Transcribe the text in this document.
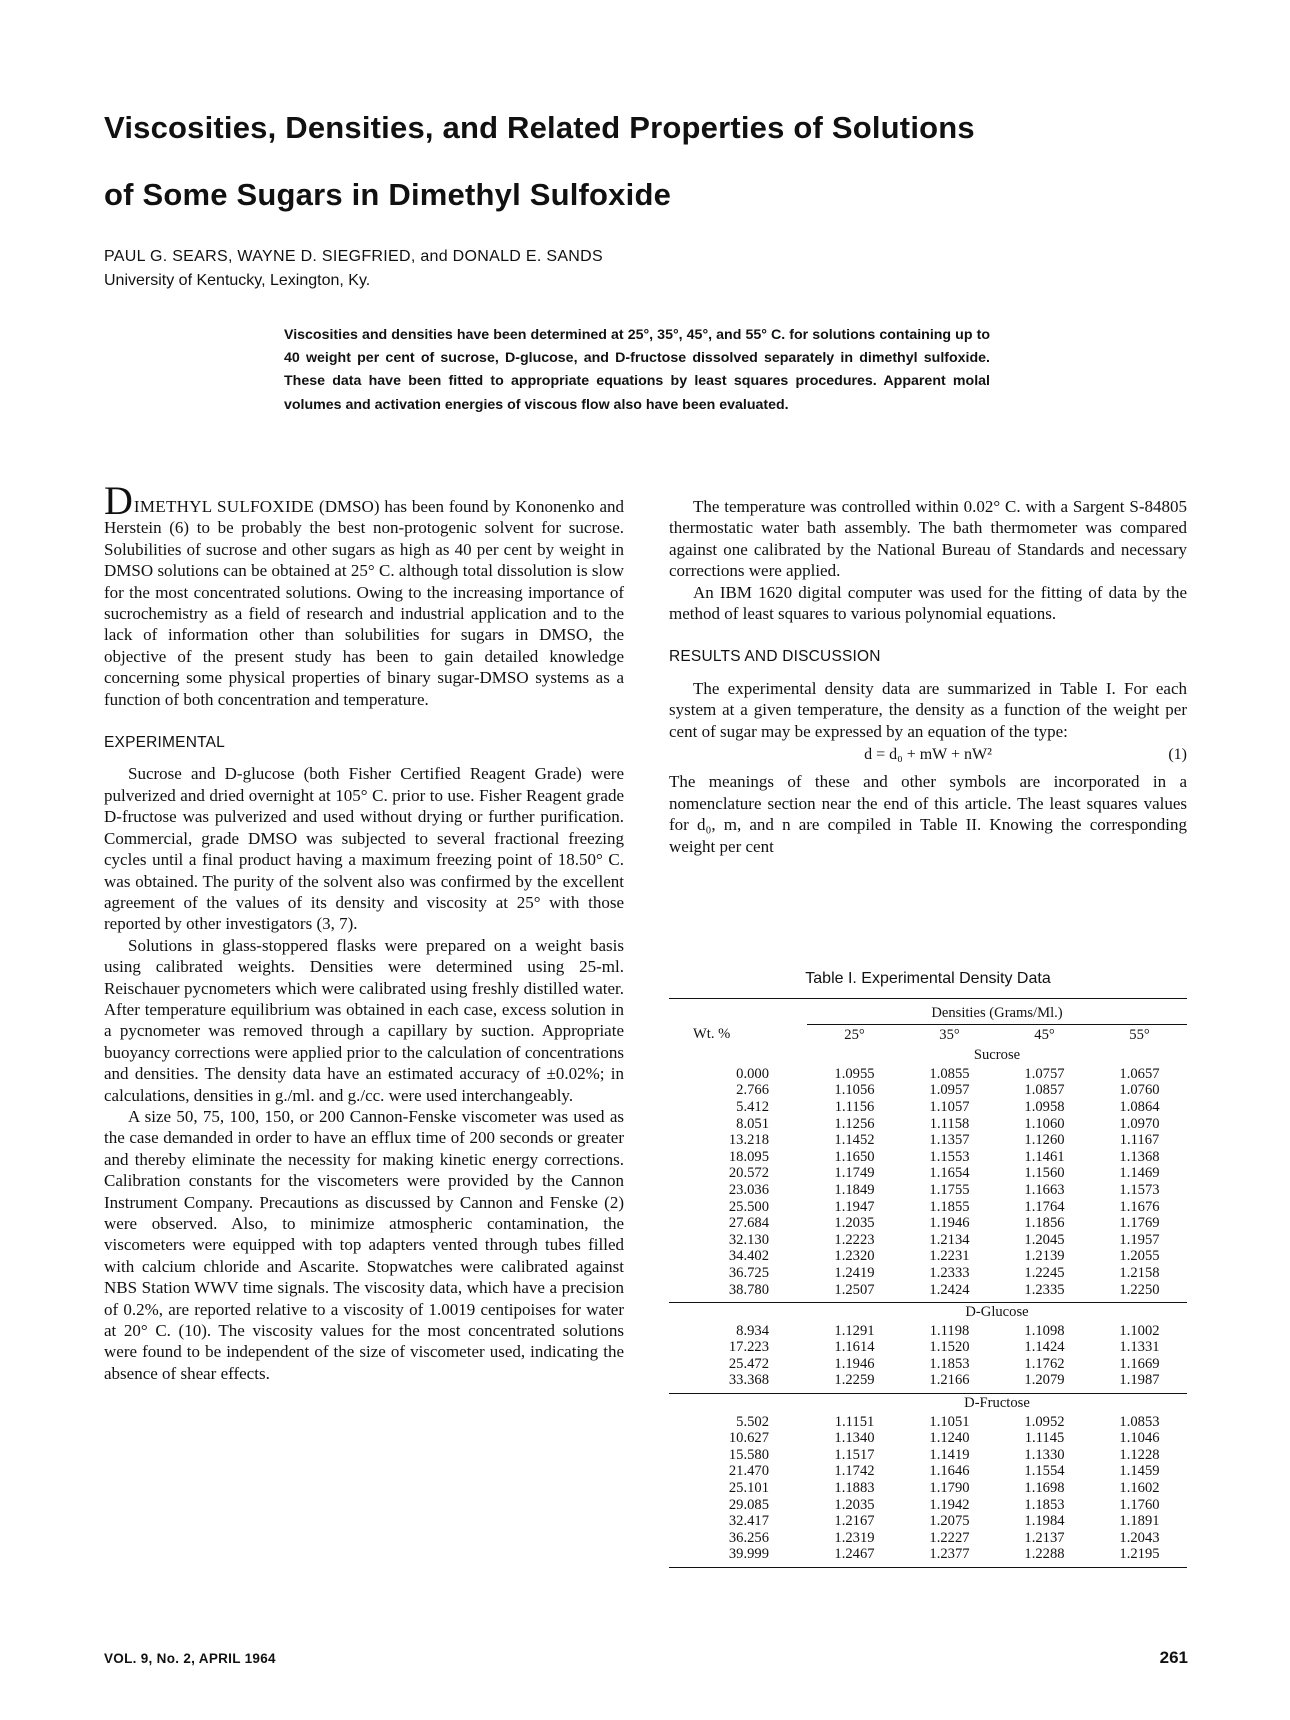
Viscosities, Densities, and Related Properties of Solutions
of Some Sugars in Dimethyl Sulfoxide
PAUL G. SEARS, WAYNE D. SIEGFRIED, and DONALD E. SANDS
University of Kentucky, Lexington, Ky.

Viscosities and densities have been determined at 25°, 35°, 45°, and 55° C. for solutions containing up to 40 weight per cent of sucrose, D-glucose, and D-fructose dissolved separately in dimethyl sulfoxide. These data have been fitted to appropriate equations by least squares procedures. Apparent molal volumes and activation energies of viscous flow also have been evaluated.

DIMETHYL SULFOXIDE (DMSO) has been found by Kononenko and Herstein (6) to be probably the best non-protogenic solvent for sucrose. Solubilities of sucrose and other sugars as high as 40 per cent by weight in DMSO solutions can be obtained at 25° C. although total dissolution is slow for the most concentrated solutions. Owing to the increasing importance of sucrochemistry as a field of research and industrial application and to the lack of information other than solubilities for sugars in DMSO, the objective of the present study has been to gain detailed knowledge concerning some physical properties of binary sugar-DMSO systems as a function of both concentration and temperature.

EXPERIMENTAL

Sucrose and D-glucose (both Fisher Certified Reagent Grade) were pulverized and dried overnight at 105° C. prior to use. Fisher Reagent grade D-fructose was pulverized and used without drying or further purification. Commercial, grade DMSO was subjected to several fractional freezing cycles until a final product having a maximum freezing point of 18.50° C. was obtained. The purity of the solvent also was confirmed by the excellent agreement of the values of its density and viscosity at 25° with those reported by other investigators (3, 7).

Solutions in glass-stoppered flasks were prepared on a weight basis using calibrated weights. Densities were determined using 25-ml. Reischauer pycnometers which were calibrated using freshly distilled water. After temperature equilibrium was obtained in each case, excess solution in a pycnometer was removed through a capillary by suction. Appropriate buoyancy corrections were applied prior to the calculation of concentrations and densities. The density data have an estimated accuracy of ±0.02%; in calculations, densities in g./ml. and g./cc. were used interchangeably.

A size 50, 75, 100, 150, or 200 Cannon-Fenske viscometer was used as the case demanded in order to have an efflux time of 200 seconds or greater and thereby eliminate the necessity for making kinetic energy corrections. Calibration constants for the viscometers were provided by the Cannon Instrument Company. Precautions as discussed by Cannon and Fenske (2) were observed. Also, to minimize atmospheric contamination, the viscometers were equipped with top adapters vented through tubes filled with calcium chloride and Ascarite. Stopwatches were calibrated against NBS Station WWV time signals. The viscosity data, which have a precision of 0.2%, are reported relative to a viscosity of 1.0019 centipoises for water at 20° C. (10). The viscosity values for the most concentrated solutions were found to be independent of the size of viscometer used, indicating the absence of shear effects.

The temperature was controlled within 0.02° C. with a Sargent S-84805 thermostatic water bath assembly. The bath thermometer was compared against one calibrated by the National Bureau of Standards and necessary corrections were applied.

An IBM 1620 digital computer was used for the fitting of data by the method of least squares to various polynomial equations.

RESULTS AND DISCUSSION

The experimental density data are summarized in Table I. For each system at a given temperature, the density as a function of the weight per cent of sugar may be expressed by an equation of the type:

d = d₀ + mW + nW²	(1)

The meanings of these and other symbols are incorporated in a nomenclature section near the end of this article. The least squares values for d₀, m, and n are compiled in Table II. Knowing the corresponding weight per cent

Table I. Experimental Density Data
	Densities (Grams/Ml.)			
Wt. %	25°	35°	45°	55°
	Sucrose			
0.000	1.0955	1.0855	1.0757	1.0657
2.766	1.1056	1.0957	1.0857	1.0760
5.412	1.1156	1.1057	1.0958	1.0864
8.051	1.1256	1.1158	1.1060	1.0970
13.218	1.1452	1.1357	1.1260	1.1167
18.095	1.1650	1.1553	1.1461	1.1368
20.572	1.1749	1.1654	1.1560	1.1469
23.036	1.1849	1.1755	1.1663	1.1573
25.500	1.1947	1.1855	1.1764	1.1676
27.684	1.2035	1.1946	1.1856	1.1769
32.130	1.2223	1.2134	1.2045	1.1957
34.402	1.2320	1.2231	1.2139	1.2055
36.725	1.2419	1.2333	1.2245	1.2158
38.780	1.2507	1.2424	1.2335	1.2250
	D-Glucose			
8.934	1.1291	1.1198	1.1098	1.1002
17.223	1.1614	1.1520	1.1424	1.1331
25.472	1.1946	1.1853	1.1762	1.1669
33.368	1.2259	1.2166	1.2079	1.1987
	D-Fructose			
5.502	1.1151	1.1051	1.0952	1.0853
10.627	1.1340	1.1240	1.1145	1.1046
15.580	1.1517	1.1419	1.1330	1.1228
21.470	1.1742	1.1646	1.1554	1.1459
25.101	1.1883	1.1790	1.1698	1.1602
29.085	1.2035	1.1942	1.1853	1.1760
32.417	1.2167	1.2075	1.1984	1.1891
36.256	1.2319	1.2227	1.2137	1.2043
39.999	1.2467	1.2377	1.2288	1.2195
VOL. 9, No. 2, APRIL 1964	261
